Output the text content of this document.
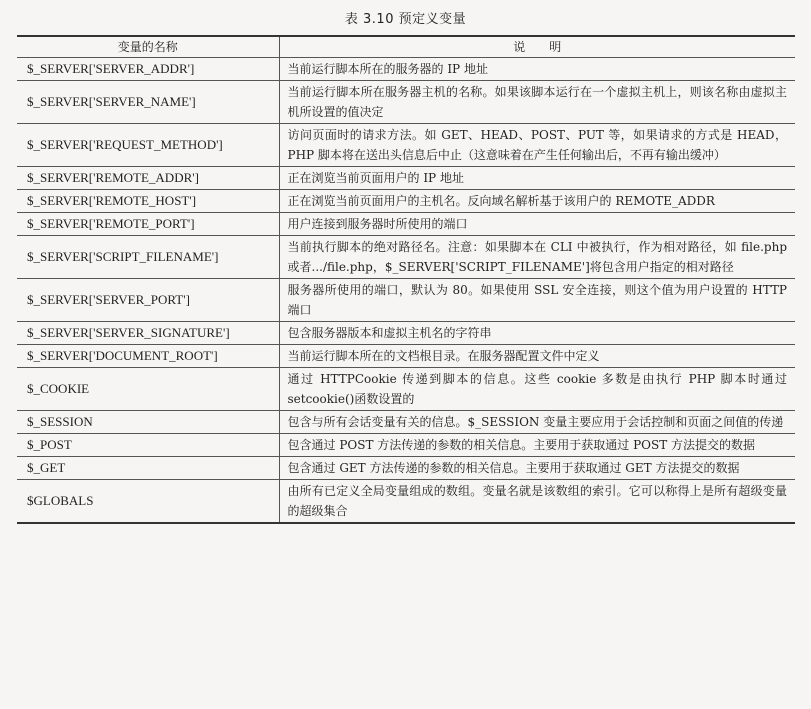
表 3.10 预定义变量
变量的名称	说　　明
$_SERVER['SERVER_ADDR']	当前运行脚本所在的服务器的 IP 地址
$_SERVER['SERVER_NAME']	当前运行脚本所在服务器主机的名称。如果该脚本运行在一个虚拟主机上，则该名称由虚拟主机所设置的值决定
$_SERVER['REQUEST_METHOD']	访问页面时的请求方法。如 GET、HEAD、POST、PUT 等，如果请求的方式是 HEAD，PHP 脚本将在送出头信息后中止（这意味着在产生任何输出后，不再有输出缓冲）
$_SERVER['REMOTE_ADDR']	正在浏览当前页面用户的 IP 地址
$_SERVER['REMOTE_HOST']	正在浏览当前页面用户的主机名。反向域名解析基于该用户的 REMOTE_ADDR
$_SERVER['REMOTE_PORT']	用户连接到服务器时所使用的端口
$_SERVER['SCRIPT_FILENAME']	当前执行脚本的绝对路径名。注意：如果脚本在 CLI 中被执行，作为相对路径，如 file.php 或者.../file.php，$_SERVER['SCRIPT_FILENAME']将包含用户指定的相对路径
$_SERVER['SERVER_PORT']	服务器所使用的端口，默认为 80。如果使用 SSL 安全连接，则这个值为用户设置的 HTTP 端口
$_SERVER['SERVER_SIGNATURE']	包含服务器版本和虚拟主机名的字符串
$_SERVER['DOCUMENT_ROOT']	当前运行脚本所在的文档根目录。在服务器配置文件中定义
$_COOKIE	通过 HTTPCookie 传递到脚本的信息。这些 cookie 多数是由执行 PHP 脚本时通过 setcookie()函数设置的
$_SESSION	包含与所有会话变量有关的信息。$_SESSION 变量主要应用于会话控制和页面之间值的传递
$_POST	包含通过 POST 方法传递的参数的相关信息。主要用于获取通过 POST 方法提交的数据
$_GET	包含通过 GET 方法传递的参数的相关信息。主要用于获取通过 GET 方法提交的数据
$GLOBALS	由所有已定义全局变量组成的数组。变量名就是该数组的索引。它可以称得上是所有超级变量的超级集合
